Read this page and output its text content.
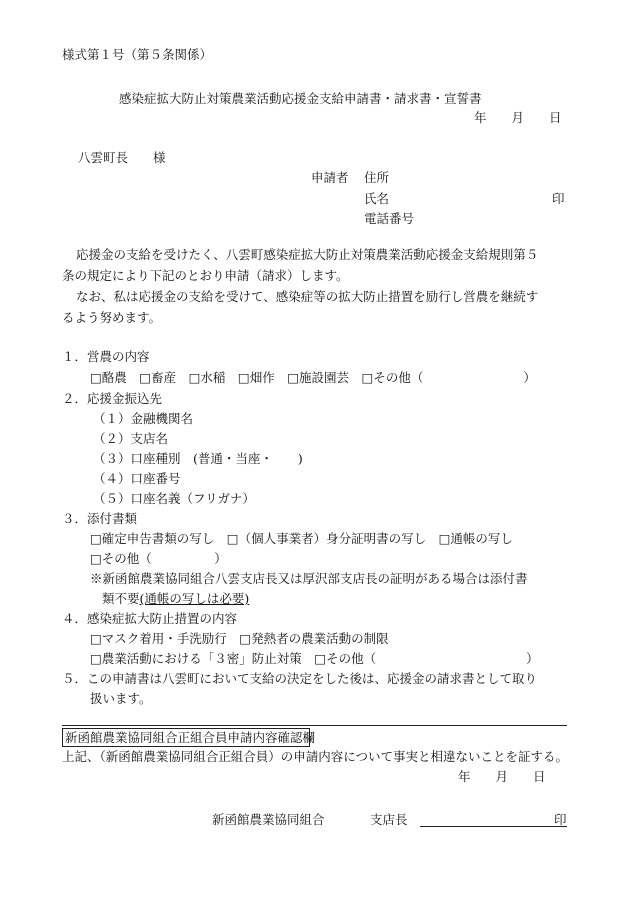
様式第１号（第５条関係）
感染症拡大防止対策農業活動応援金支給申請書・請求書・宣誓書
年　　月　　日
八雲町長　　様
申請者 住所
氏名	印
電話番号
応援金の支給を受けたく、八雲町感染症拡大防止対策農業活動応援金支給規則第５
条の規定により下記のとおり申請（請求）します。
なお、私は応援金の支給を受けて、感染症等の拡大防止措置を励行し営農を継続す
るよう努めます。
１．営農の内容
□酪農　□畜産　□水稲　□畑作　□施設園芸　□その他（　　　　　　　　）
２．応援金振込先
（１）金融機関名
（２）支店名
（３）口座種別　(普通・当座・　　)
（４）口座番号
（５）口座名義（フリガナ）
３．添付書類
□確定申告書類の写し　□（個人事業者）身分証明書の写し　□通帳の写し
□その他（　　　　　）
※新函館農業協同組合八雲支店長又は厚沢部支店長の証明がある場合は添付書
類不要(通帳の写しは必要)
４．感染症拡大防止措置の内容
□マスク着用・手洗励行　□発熱者の農業活動の制限
□農業活動における「３密」防止対策　□その他（　　　　　　　　　　　　）
５．この申請書は八雲町において支給の決定をした後は、応援金の請求書として取り
扱います。
新函館農業協同組合正組合員申請内容確認欄
上記、（新函館農業協同組合正組合員）の申請内容について事実と相違ないことを証する。
年　　月　　日
新函館農業協同組合	支店長	印
